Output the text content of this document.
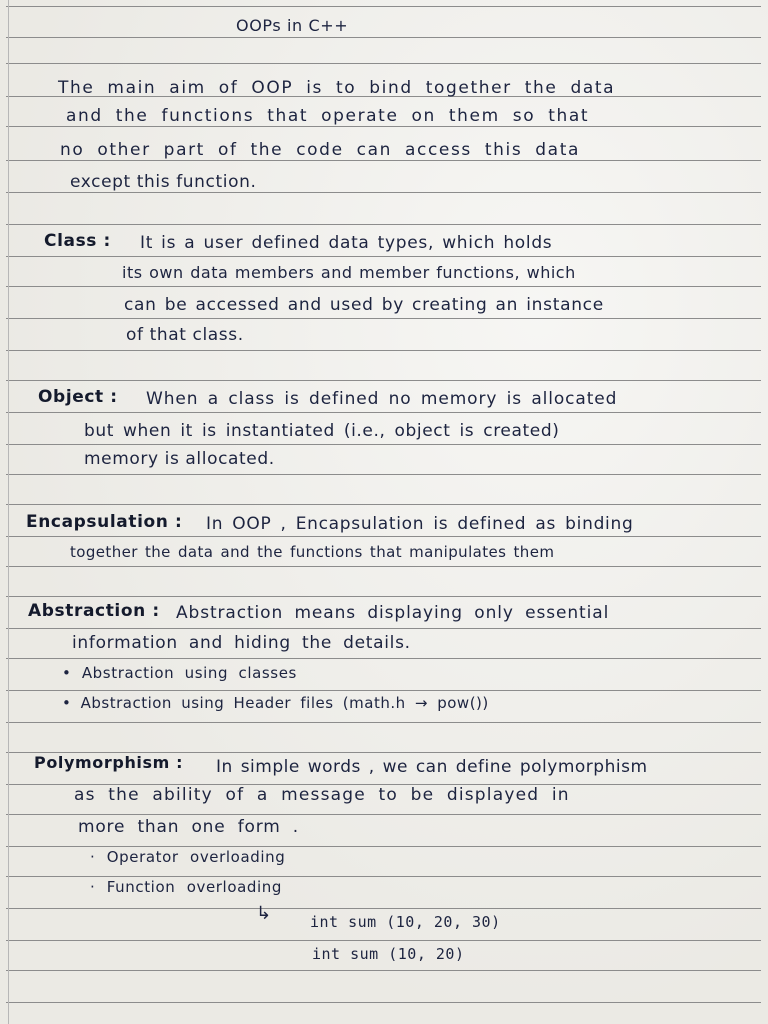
OOPs in C++
The main aim of OOP is to bind together the data
and the functions that operate on them so that
no other part of the code can access this data
except this function.
Class : It is a user defined data types, which holds
its own data members and member functions, which
can be accessed and used by creating an instance
of that class.
Object : When a class is defined no memory is allocated
but when it is instantiated (i.e., object is created)
memory is allocated.
Encapsulation : In OOP , Encapsulation is defined as binding
together the data and the functions that manipulates them
Abstraction : Abstraction means displaying only essential
information and hiding the details.
• Abstraction using classes
• Abstraction using Header files (math.h → pow())
Polymorphism : In simple words , we can define polymorphism
as the ability of a message to be displayed in
more than one form .
· Operator overloading
· Function overloading
↳	int sum (10, 20, 30)
int sum (10, 20)
